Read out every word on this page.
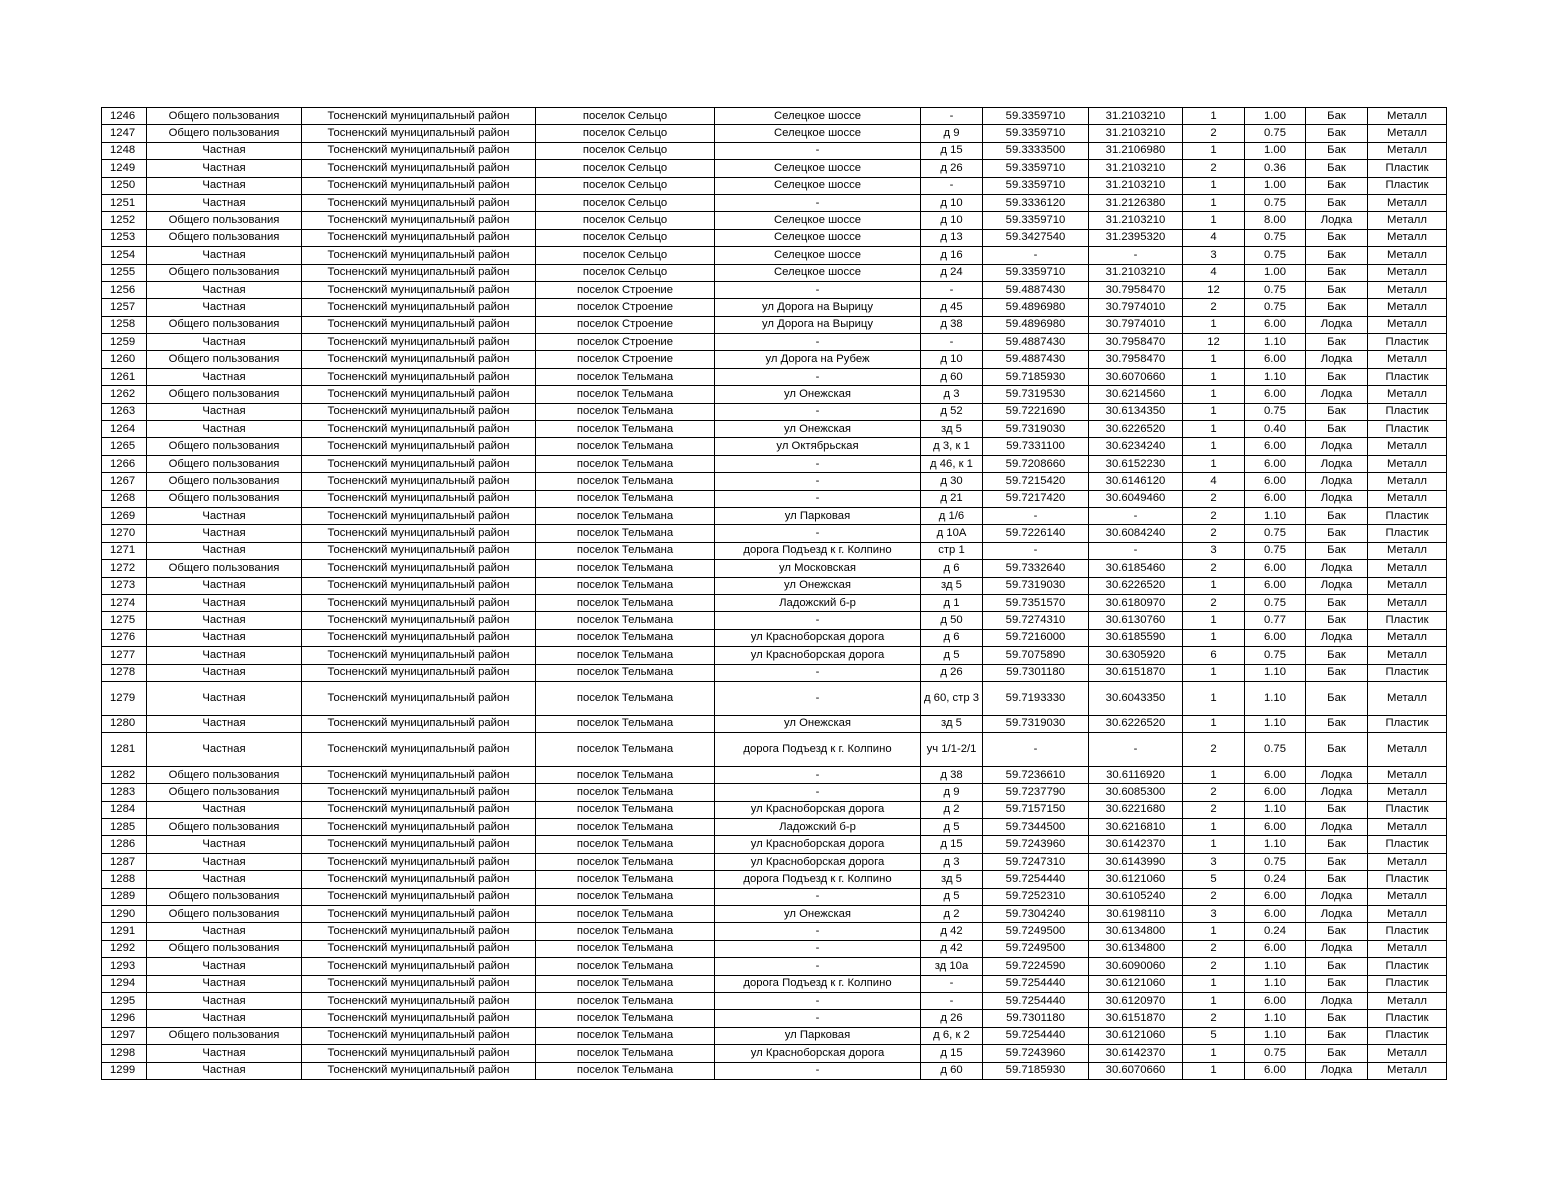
1246	Общего пользования	Тосненский муниципальный район	поселок Сельцо	Селецкое шоссе	-	59.3359710	31.2103210	1	1.00	Бак	Металл
1247	Общего пользования	Тосненский муниципальный район	поселок Сельцо	Селецкое шоссе	д 9	59.3359710	31.2103210	2	0.75	Бак	Металл
1248	Частная	Тосненский муниципальный район	поселок Сельцо	-	д 15	59.3333500	31.2106980	1	1.00	Бак	Металл
1249	Частная	Тосненский муниципальный район	поселок Сельцо	Селецкое шоссе	д 26	59.3359710	31.2103210	2	0.36	Бак	Пластик
1250	Частная	Тосненский муниципальный район	поселок Сельцо	Селецкое шоссе	-	59.3359710	31.2103210	1	1.00	Бак	Пластик
1251	Частная	Тосненский муниципальный район	поселок Сельцо	-	д 10	59.3336120	31.2126380	1	0.75	Бак	Металл
1252	Общего пользования	Тосненский муниципальный район	поселок Сельцо	Селецкое шоссе	д 10	59.3359710	31.2103210	1	8.00	Лодка	Металл
1253	Общего пользования	Тосненский муниципальный район	поселок Сельцо	Селецкое шоссе	д 13	59.3427540	31.2395320	4	0.75	Бак	Металл
1254	Частная	Тосненский муниципальный район	поселок Сельцо	Селецкое шоссе	д 16	-	-	3	0.75	Бак	Металл
1255	Общего пользования	Тосненский муниципальный район	поселок Сельцо	Селецкое шоссе	д 24	59.3359710	31.2103210	4	1.00	Бак	Металл
1256	Частная	Тосненский муниципальный район	поселок Строение	-	-	59.4887430	30.7958470	12	0.75	Бак	Металл
1257	Частная	Тосненский муниципальный район	поселок Строение	ул Дорога на Вырицу	д 45	59.4896980	30.7974010	2	0.75	Бак	Металл
1258	Общего пользования	Тосненский муниципальный район	поселок Строение	ул Дорога на Вырицу	д 38	59.4896980	30.7974010	1	6.00	Лодка	Металл
1259	Частная	Тосненский муниципальный район	поселок Строение	-	-	59.4887430	30.7958470	12	1.10	Бак	Пластик
1260	Общего пользования	Тосненский муниципальный район	поселок Строение	ул Дорога на Рубеж	д 10	59.4887430	30.7958470	1	6.00	Лодка	Металл
1261	Частная	Тосненский муниципальный район	поселок Тельмана	-	д 60	59.7185930	30.6070660	1	1.10	Бак	Пластик
1262	Общего пользования	Тосненский муниципальный район	поселок Тельмана	ул Онежская	д 3	59.7319530	30.6214560	1	6.00	Лодка	Металл
1263	Частная	Тосненский муниципальный район	поселок Тельмана	-	д 52	59.7221690	30.6134350	1	0.75	Бак	Пластик
1264	Частная	Тосненский муниципальный район	поселок Тельмана	ул Онежская	зд 5	59.7319030	30.6226520	1	0.40	Бак	Пластик
1265	Общего пользования	Тосненский муниципальный район	поселок Тельмана	ул Октябрьская	д 3, к 1	59.7331100	30.6234240	1	6.00	Лодка	Металл
1266	Общего пользования	Тосненский муниципальный район	поселок Тельмана	-	д 46, к 1	59.7208660	30.6152230	1	6.00	Лодка	Металл
1267	Общего пользования	Тосненский муниципальный район	поселок Тельмана	-	д 30	59.7215420	30.6146120	4	6.00	Лодка	Металл
1268	Общего пользования	Тосненский муниципальный район	поселок Тельмана	-	д 21	59.7217420	30.6049460	2	6.00	Лодка	Металл
1269	Частная	Тосненский муниципальный район	поселок Тельмана	ул Парковая	д 1/6	-	-	2	1.10	Бак	Пластик
1270	Частная	Тосненский муниципальный район	поселок Тельмана	-	д 10А	59.7226140	30.6084240	2	0.75	Бак	Пластик
1271	Частная	Тосненский муниципальный район	поселок Тельмана	дорога Подъезд к г. Колпино	стр 1	-	-	3	0.75	Бак	Металл
1272	Общего пользования	Тосненский муниципальный район	поселок Тельмана	ул Московская	д 6	59.7332640	30.6185460	2	6.00	Лодка	Металл
1273	Частная	Тосненский муниципальный район	поселок Тельмана	ул Онежская	зд 5	59.7319030	30.6226520	1	6.00	Лодка	Металл
1274	Частная	Тосненский муниципальный район	поселок Тельмана	Ладожский б-р	д 1	59.7351570	30.6180970	2	0.75	Бак	Металл
1275	Частная	Тосненский муниципальный район	поселок Тельмана	-	д 50	59.7274310	30.6130760	1	0.77	Бак	Пластик
1276	Частная	Тосненский муниципальный район	поселок Тельмана	ул Красноборская дорога	д 6	59.7216000	30.6185590	1	6.00	Лодка	Металл
1277	Частная	Тосненский муниципальный район	поселок Тельмана	ул Красноборская дорога	д 5	59.7075890	30.6305920	6	0.75	Бак	Металл
1278	Частная	Тосненский муниципальный район	поселок Тельмана	-	д 26	59.7301180	30.6151870	1	1.10	Бак	Пластик
1279	Частная	Тосненский муниципальный район	поселок Тельмана	-	д 60, стр 3	59.7193330	30.6043350	1	1.10	Бак	Металл
1280	Частная	Тосненский муниципальный район	поселок Тельмана	ул Онежская	зд 5	59.7319030	30.6226520	1	1.10	Бак	Пластик
1281	Частная	Тосненский муниципальный район	поселок Тельмана	дорога Подъезд к г. Колпино	уч 1/1-2/1	-	-	2	0.75	Бак	Металл
1282	Общего пользования	Тосненский муниципальный район	поселок Тельмана	-	д 38	59.7236610	30.6116920	1	6.00	Лодка	Металл
1283	Общего пользования	Тосненский муниципальный район	поселок Тельмана	-	д 9	59.7237790	30.6085300	2	6.00	Лодка	Металл
1284	Частная	Тосненский муниципальный район	поселок Тельмана	ул Красноборская дорога	д 2	59.7157150	30.6221680	2	1.10	Бак	Пластик
1285	Общего пользования	Тосненский муниципальный район	поселок Тельмана	Ладожский б-р	д 5	59.7344500	30.6216810	1	6.00	Лодка	Металл
1286	Частная	Тосненский муниципальный район	поселок Тельмана	ул Красноборская дорога	д 15	59.7243960	30.6142370	1	1.10	Бак	Пластик
1287	Частная	Тосненский муниципальный район	поселок Тельмана	ул Красноборская дорога	д 3	59.7247310	30.6143990	3	0.75	Бак	Металл
1288	Частная	Тосненский муниципальный район	поселок Тельмана	дорога Подъезд к г. Колпино	зд 5	59.7254440	30.6121060	5	0.24	Бак	Пластик
1289	Общего пользования	Тосненский муниципальный район	поселок Тельмана	-	д 5	59.7252310	30.6105240	2	6.00	Лодка	Металл
1290	Общего пользования	Тосненский муниципальный район	поселок Тельмана	ул Онежская	д 2	59.7304240	30.6198110	3	6.00	Лодка	Металл
1291	Частная	Тосненский муниципальный район	поселок Тельмана	-	д 42	59.7249500	30.6134800	1	0.24	Бак	Пластик
1292	Общего пользования	Тосненский муниципальный район	поселок Тельмана	-	д 42	59.7249500	30.6134800	2	6.00	Лодка	Металл
1293	Частная	Тосненский муниципальный район	поселок Тельмана	-	зд 10а	59.7224590	30.6090060	2	1.10	Бак	Пластик
1294	Частная	Тосненский муниципальный район	поселок Тельмана	дорога Подъезд к г. Колпино	-	59.7254440	30.6121060	1	1.10	Бак	Пластик
1295	Частная	Тосненский муниципальный район	поселок Тельмана	-	-	59.7254440	30.6120970	1	6.00	Лодка	Металл
1296	Частная	Тосненский муниципальный район	поселок Тельмана	-	д 26	59.7301180	30.6151870	2	1.10	Бак	Пластик
1297	Общего пользования	Тосненский муниципальный район	поселок Тельмана	ул Парковая	д 6, к 2	59.7254440	30.6121060	5	1.10	Бак	Пластик
1298	Частная	Тосненский муниципальный район	поселок Тельмана	ул Красноборская дорога	д 15	59.7243960	30.6142370	1	0.75	Бак	Металл
1299	Частная	Тосненский муниципальный район	поселок Тельмана	-	д 60	59.7185930	30.6070660	1	6.00	Лодка	Металл
